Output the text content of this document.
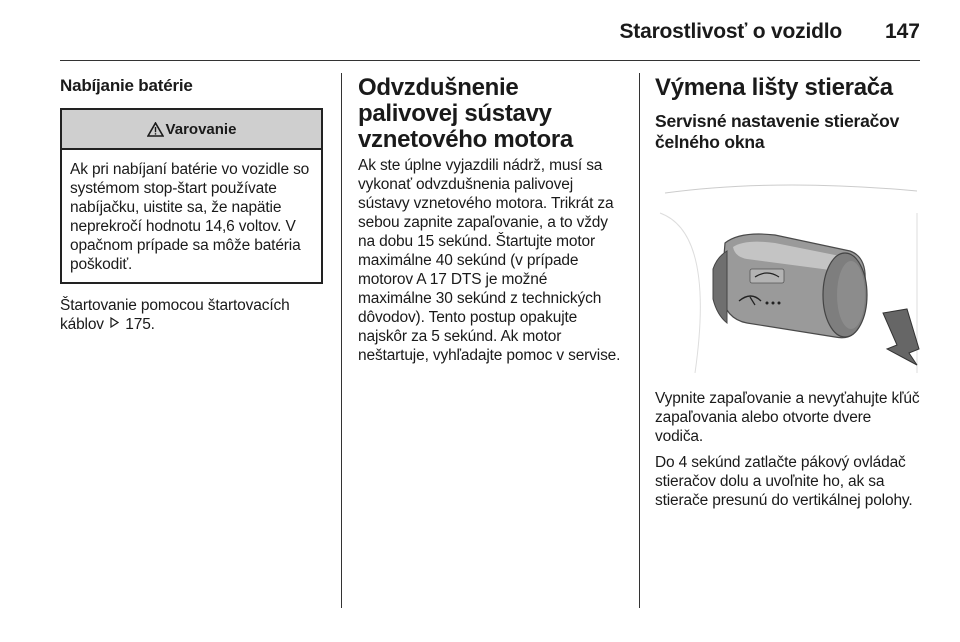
Starostlivosť o vozidlo 147
Nabíjanie batérie
Varovanie
Ak pri nabíjaní batérie vo vozidle so systémom stop-štart používate nabíjačku, uistite sa, že napätie neprekročí hodnotu 14,6 voltov. V opačnom prípade sa môže batéria poškodiť.
Štartovanie pomocou štartovacích káblov 175.
Odvzdušnenie palivovej sústavy vznetového motora
Ak ste úplne vyjazdili nádrž, musí sa vykonať odvzdušnenia palivovej sústavy vznetového motora. Trikrát za sebou zapnite zapaľovanie, a to vždy na dobu 15 sekúnd. Štartujte motor maximálne 40 sekúnd (v prípade motorov A 17 DTS je možné maximálne 30 sekúnd z technických dôvodov). Tento postup opakujte najskôr za 5 sekúnd. Ak motor neštartuje, vyhľadajte pomoc v servise.
Výmena lišty stierača
Servisné nastavenie stieračov čelného okna
Vypnite zapaľovanie a nevyťahujte kľúč zapaľovania alebo otvorte dvere vodiča.
Do 4 sekúnd zatlačte pákový ovládač stieračov dolu a uvoľnite ho, ak sa stierače presunú do vertikálnej polohy.
